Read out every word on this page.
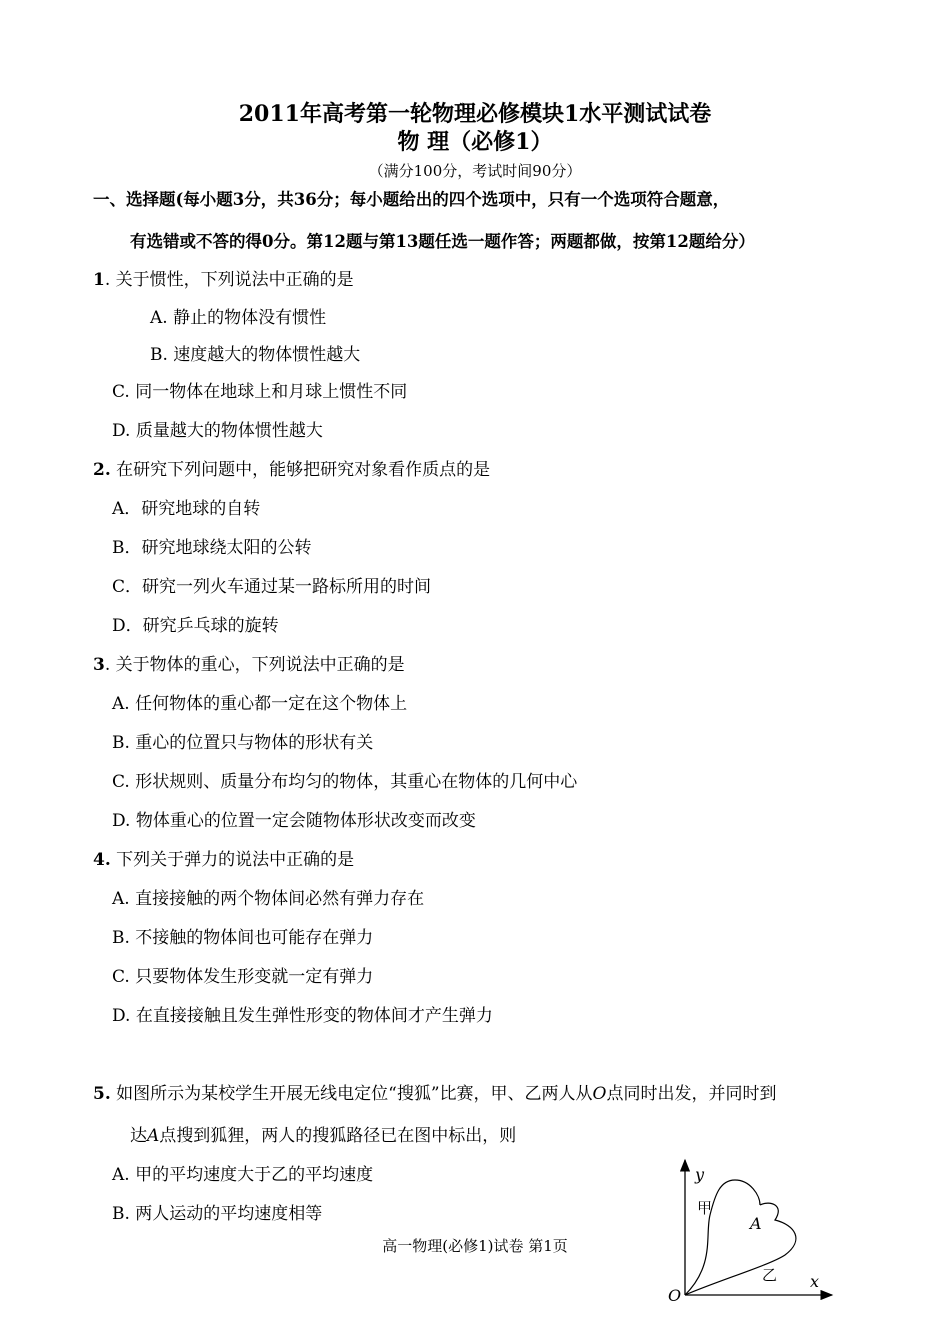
2011年高考第一轮物理必修模块1水平测试试卷
物 理（必修1）
（满分100分，考试时间90分）
一、选择题(每小题3分，共36分；每小题给出的四个选项中，只有一个选项符合题意，
有选错或不答的得0分。第12题与第13题任选一题作答；两题都做，按第12题给分）
1. 关于惯性，下列说法中正确的是
A. 静止的物体没有惯性
B. 速度越大的物体惯性越大
C. 同一物体在地球上和月球上惯性不同
D. 质量越大的物体惯性越大
2. 在研究下列问题中，能够把研究对象看作质点的是
A．研究地球的自转
B．研究地球绕太阳的公转
C．研究一列火车通过某一路标所用的时间
D．研究乒乓球的旋转
3. 关于物体的重心，下列说法中正确的是
A. 任何物体的重心都一定在这个物体上
B. 重心的位置只与物体的形状有关
C. 形状规则、质量分布均匀的物体，其重心在物体的几何中心
D. 物体重心的位置一定会随物体形状改变而改变
4. 下列关于弹力的说法中正确的是
A. 直接接触的两个物体间必然有弹力存在
B. 不接触的物体间也可能存在弹力
C. 只要物体发生形变就一定有弹力
D. 在直接接触且发生弹性形变的物体间才产生弹力
5. 如图所示为某校学生开展无线电定位“搜狐”比赛，甲、乙两人从O点同时出发，并同时到
达A点搜到狐狸，两人的搜狐路径已在图中标出，则
A. 甲的平均速度大于乙的平均速度
B. 两人运动的平均速度相等
y
x
O
A
甲
乙
高一物理(必修1)试卷 第1页
